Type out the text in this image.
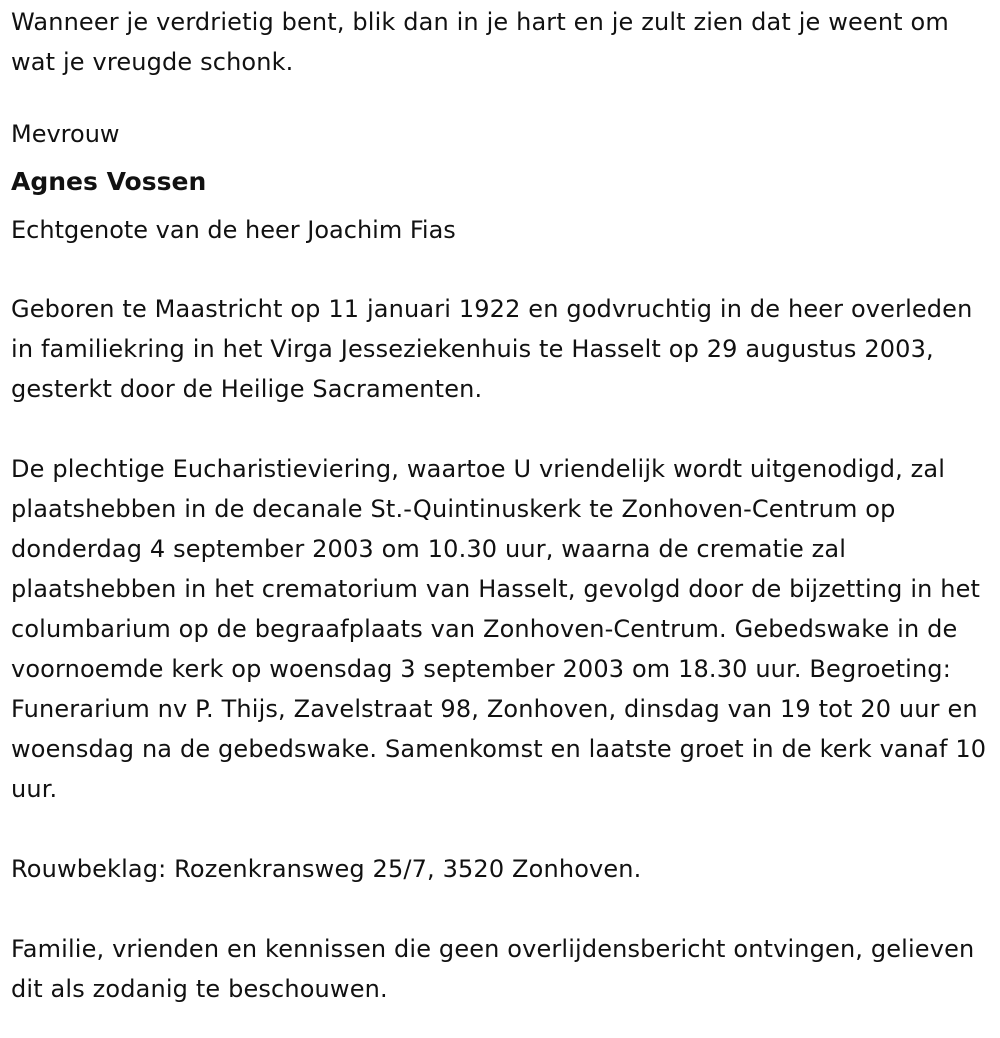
Wanneer je verdrietig bent, blik dan in je hart en je zult zien dat je weent om wat je vreugde schonk.

Mevrouw

Agnes Vossen

Echtgenote van de heer Joachim Fias

Geboren te Maastricht op 11 januari 1922 en godvruchtig in de heer overleden in familiekring in het Virga Jesseziekenhuis te Hasselt op 29 augustus 2003, gesterkt door de Heilige Sacramenten.

De plechtige Eucharistieviering, waartoe U vriendelijk wordt uitgenodigd, zal plaatshebben in de decanale St.-Quintinuskerk te Zonhoven-Centrum op donderdag 4 september 2003 om 10.30 uur, waarna de crematie zal plaatshebben in het crematorium van Hasselt, gevolgd door de bijzetting in het columbarium op de begraafplaats van Zonhoven-Centrum. Gebedswake in de voornoemde kerk op woensdag 3 september 2003 om 18.30 uur. Begroeting: Funerarium nv P. Thijs, Zavelstraat 98, Zonhoven, dinsdag van 19 tot 20 uur en woensdag na de gebedswake. Samenkomst en laatste groet in de kerk vanaf 10 uur.

Rouwbeklag: Rozenkransweg 25/7, 3520 Zonhoven.

Familie, vrienden en kennissen die geen overlijdensbericht ontvingen, gelieven dit als zodanig te beschouwen.
